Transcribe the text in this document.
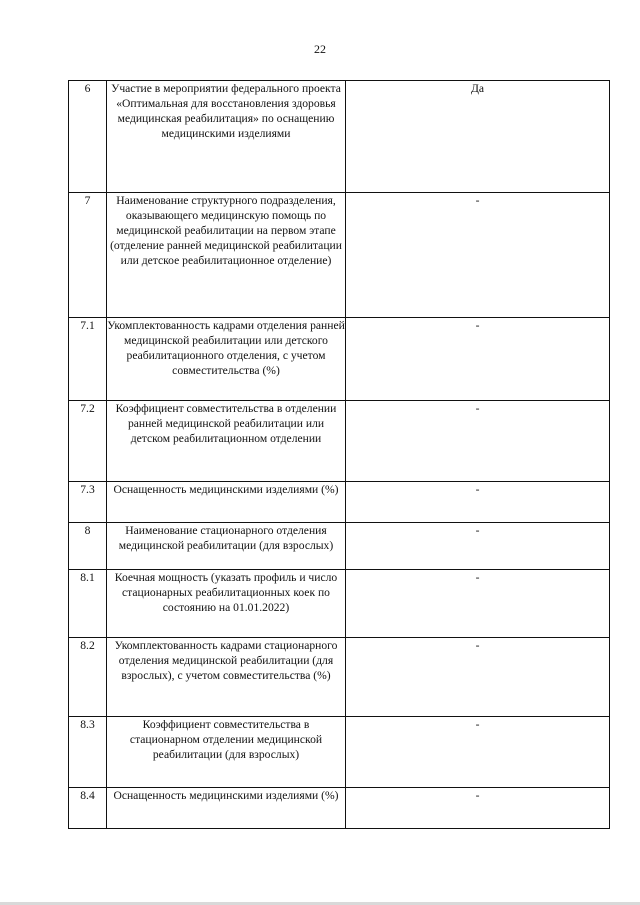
22
6	Участие в мероприятии федерального проекта «Оптимальная для восстановления здоровья медицинская реабилитация» по оснащению медицинскими изделиями	Да
7	Наименование структурного подразделения, оказывающего медицинскую помощь по медицинской реабилитации на первом этапе (отделение ранней медицинской реабилитации или детское реабилитационное отделение)	-
7.1	Укомплектованность кадрами отделения ранней медицинской реабилитации или детского реабилитационного отделения, с учетом совместительства (%)	-
7.2	Коэффициент совместительства в отделении ранней медицинской реабилитации или детском реабилитационном отделении	-
7.3	Оснащенность медицинскими изделиями (%)	-
8	Наименование стационарного отделения медицинской реабилитации (для взрослых)	-
8.1	Коечная мощность (указать профиль и число стационарных реабилитационных коек по состоянию на 01.01.2022)	-
8.2	Укомплектованность кадрами стационарного отделения медицинской реабилитации (для взрослых), с учетом совместительства (%)	-
8.3	Коэффициент совместительства в стационарном отделении медицинской реабилитации (для взрослых)	-
8.4	Оснащенность медицинскими изделиями (%)	-
